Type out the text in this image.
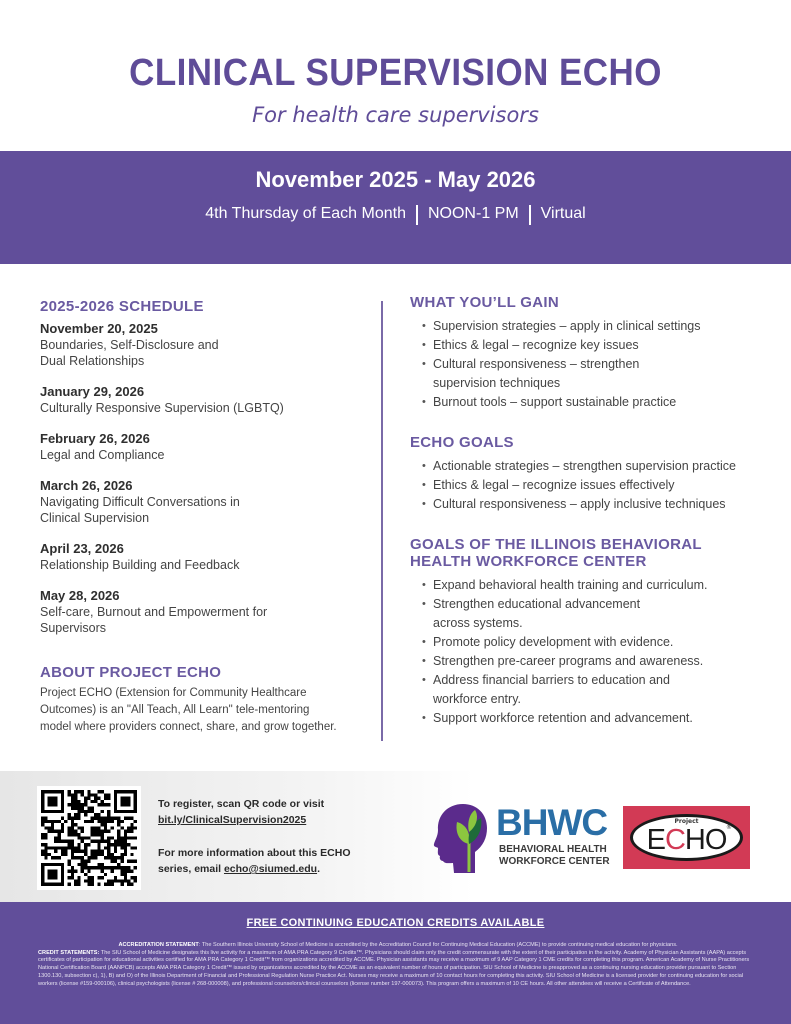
CLINICAL SUPERVISION ECHO
For health care supervisors
November 2025 - May 2026
4th Thursday of Each Month NOON-1 PM Virtual
2025-2026 SCHEDULE
November 20, 2025
Boundaries, Self-Disclosure and
Dual Relationships
January 29, 2026
Culturally Responsive Supervision (LGBTQ)
February 26, 2026
Legal and Compliance
March 26, 2026
Navigating Difficult Conversations in
Clinical Supervision
April 23, 2026
Relationship Building and Feedback
May 28, 2026
Self-care, Burnout and Empowerment for
Supervisors
ABOUT PROJECT ECHO
Project ECHO (Extension for Community Healthcare
Outcomes) is an "All Teach, All Learn" tele-mentoring
model where providers connect, share, and grow together.
WHAT YOU’LL GAIN
• Supervision strategies – apply in clinical settings
• Ethics & legal – recognize key issues
• Cultural responsiveness – strengthen
supervision techniques
• Burnout tools – support sustainable practice
ECHO GOALS
• Actionable strategies – strengthen supervision practice
• Ethics & legal – recognize issues effectively
• Cultural responsiveness – apply inclusive techniques
GOALS OF THE ILLINOIS BEHAVIORAL
HEALTH WORKFORCE CENTER
• Expand behavioral health training and curriculum.
• Strengthen educational advancement
across systems.
• Promote policy development with evidence.
• Strengthen pre-career programs and awareness.
• Address financial barriers to education and
workforce entry.
• Support workforce retention and advancement.
To register, scan QR code or visit
bit.ly/ClinicalSupervision2025
For more information about this ECHO
series, email echo@siumed.edu.
BHWC
BEHAVIORAL HEALTH
WORKFORCE CENTER
Project
ECHO ®
FREE CONTINUING EDUCATION CREDITS AVAILABLE
ACCREDITATION STATEMENT: The Southern Illinois University School of Medicine is accredited by the Accreditation Council for Continuing Medical Education (ACCME) to provide continuing medical education for physicians.
CREDIT STATEMENTS: The SIU School of Medicine designates this live activity for a maximum of AMA PRA Category 9 Credits™. Physicians should claim only the credit commensurate with the extent of their participation in the activity. Academy of Physician Assistants (AAPA) accepts certificates of participation for educational activities certified for AMA PRA Category 1 Credit™ from organizations accredited by ACCME. Physician assistants may receive a maximum of 9 AAP Category 1 CME credits for completing this program. American Academy of Nurse Practitioners National Certification Board (AANPCB) accepts AMA PRA Category 1 Credit™ issued by organizations accredited by the ACCME as an equivalent number of hours of participation. SIU School of Medicine is preapproved as a continuing nursing education provider pursuant to Section 1300.130, subsection c), 1), B) and O) of the Illinois Department of Financial and Professional Regulation Nurse Practice Act. Nurses may receive a maximum of 10 contact hours for completing this activity. SIU School of Medicine is a licensed provider for continuing education for social workers (license #159-000106), clinical psychologists (license # 268-000008), and professional counselors/clinical counselors (license number 197-000073). This program offers a maximum of 10 CE hours. All other attendees will receive a Certificate of Attendance.
